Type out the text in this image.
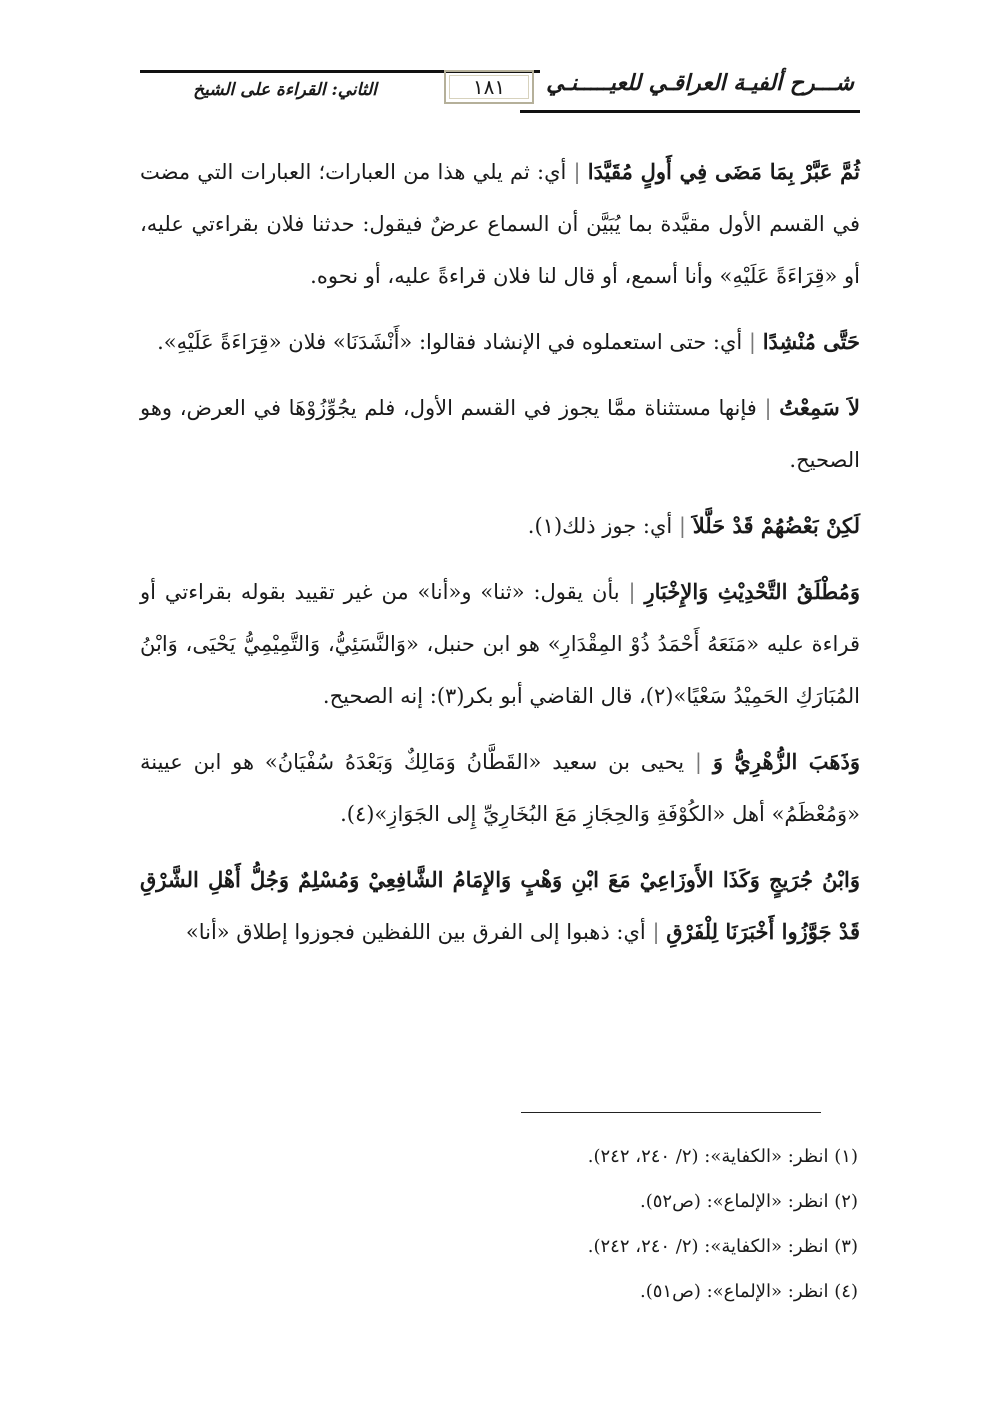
شـــرح ألفيـة العراقـي للعيـــــنـي
١٨١
الثاني: القراءة على الشيخ

ثُمَّ عَبَّرْ بِمَا مَضَى فِي أَولٍ مُقَيَّدَا | أي: ثم يلي هذا من العبارات؛ العبارات التي مضت في القسم الأول مقيَّدة بما يُبَيَّن أن السماع عرضٌ فيقول: حدثنا فلان بقراءتي عليه، أو «قِرَاءَةً عَلَيْهِ» وأنا أسمع، أو قال لنا فلان قراءةً عليه، أو نحوه.

حَتَّى مُنْشِدًا | أي: حتى استعملوه في الإنشاد فقالوا: «أَنْشَدَنَا» فلان «قِرَاءَةً عَلَيْهِ».

لاَ سَمِعْتُ | فإنها مستثناة ممَّا يجوز في القسم الأول، فلم يجُوِّزُوْهَا في العرض، وهو الصحيح.

لَكِنْ بَعْضُهُمْ قَدْ حَلَّلاَ | أي: جوز ذلك(١).

وَمُطْلَقُ التَّحْدِيْثِ وَالإِخْبَارِ | بأن يقول: «ثنا» و«أنا» من غير تقييد بقوله بقراءتي أو قراءة عليه «مَنَعَهُ أَحْمَدُ ذُوْ المِقْدَارِ» هو ابن حنبل، «وَالنَّسَئِيُّ، وَالتَّمِيْمِيُّ يَحْيَى، وَابْنُ المُبَارَكِ الحَمِيْدُ سَعْيًا»(٢)، قال القاضي أبو بكر(٣): إنه الصحيح.

وَذَهَبَ الزُّهْرِيُّ وَ | يحيى بن سعيد «القَطَّانُ وَمَالِكٌ وَبَعْدَهُ سُفْيَانُ» هو ابن عيينة «وَمُعْظَمُ» أهل «الكُوْفَةِ وَالحِجَازِ مَعَ البُخَارِيِّ إِلى الجَوَازِ»(٤).

وَابْنُ جُرَيجٍ وَكَذَا الأَوزَاعِيْ مَعَ ابْنِ وَهْبٍ وَالإِمَامُ الشَّافِعِيْ وَمُسْلِمٌ وَجُلُّ أَهْلِ الشَّرْقِ قَدْ جَوَّزُوا أَخْبَرَنَا لِلْفَرْقِ | أي: ذهبوا إلى الفرق بين اللفظين فجوزوا إطلاق «أنا»

(١) انظر: «الكفاية»: (٢/ ٢٤٠، ٢٤٢).
(٢) انظر: «الإلماع»: (ص٥٢).
(٣) انظر: «الكفاية»: (٢/ ٢٤٠، ٢٤٢).
(٤) انظر: «الإلماع»: (ص٥١).
